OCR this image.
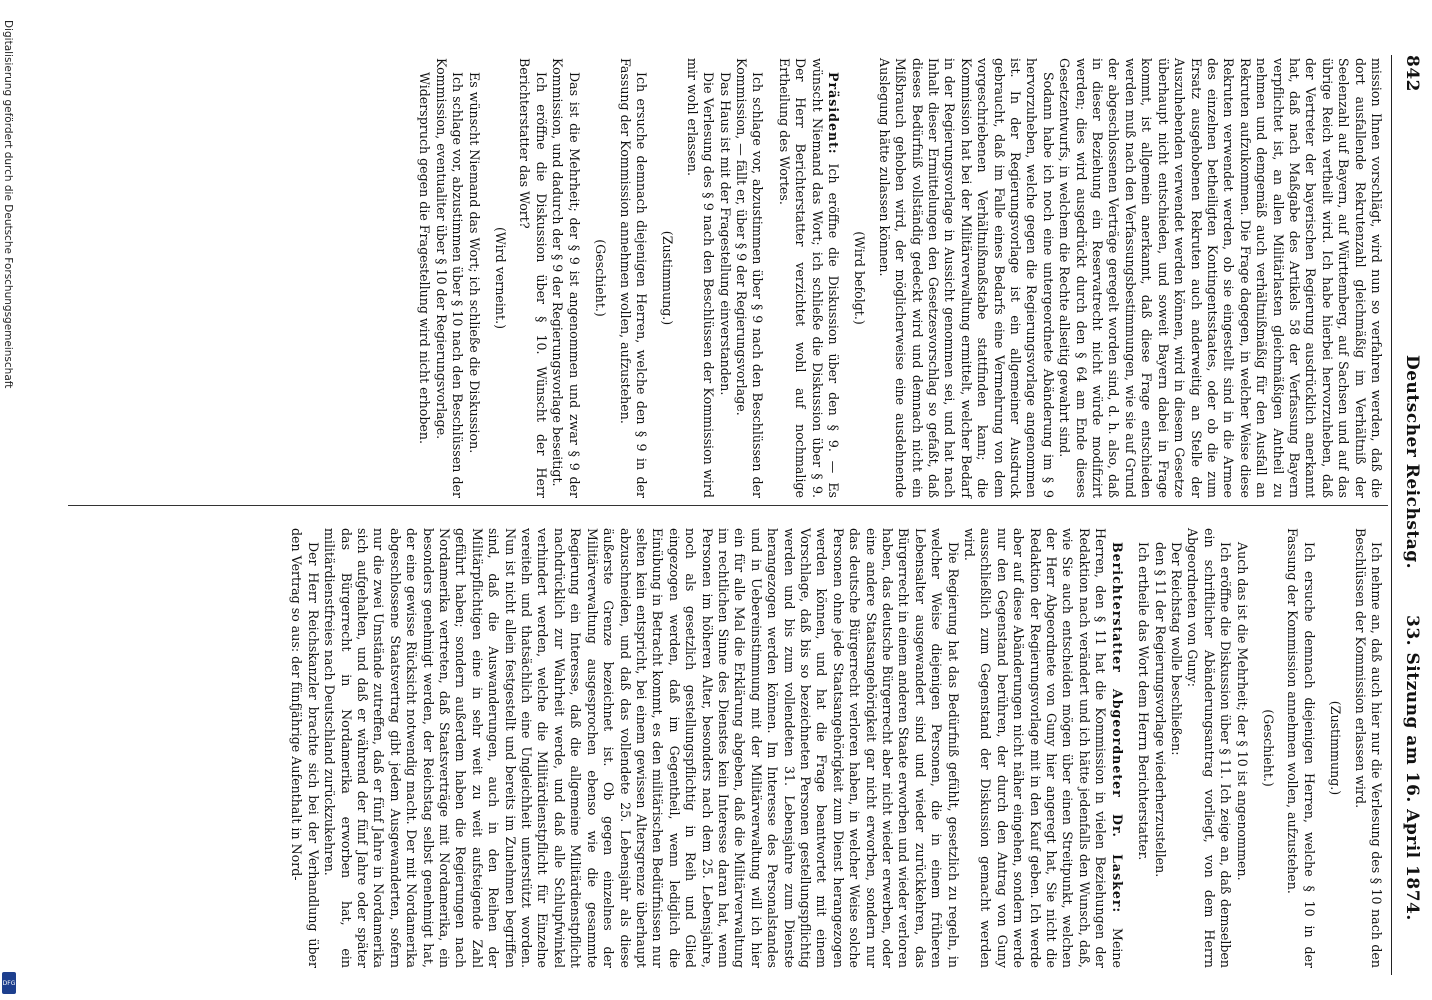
842
Deutscher Reichstag.
33. Sitzung am 16. April 1874.

mission Ihnen vorschlägt, wird nun so verfahren werden, daß die dort ausfallende Rekrutenzahl gleichmäßig im Verhältniß der Seelenzahl auf Bayern, auf Württemberg, auf Sachsen und auf das übrige Reich vertheilt wird. Ich habe hierbei hervorzuheben, daß der Vertreter der bayerischen Regierung ausdrücklich anerkannt hat, daß nach Maßgabe des Artikels 58 der Verfassung Bayern verpflichtet ist, an allen Militärlasten gleichmäßigen Antheil zu nehmen und demgemäß auch verhältnißmäßig für den Ausfall an Rekruten aufzukommen. Die Frage dagegen, in welcher Weise diese Rekruten verwendet werden, ob sie eingestellt sind in die Armee des einzelnen betheiligten Kontingentsstaates, oder ob die zum Ersatz ausgehobenen Rekruten auch anderweitig an Stelle der Auszuhebenden verwendet werden können, wird in diesem Gesetze überhaupt nicht entschieden, und soweit Bayern dabei in Frage kommt, ist allgemein anerkannt, daß diese Frage entschieden werden muß nach den Verfassungsbestimmungen, wie sie auf Grund der abgeschlossenen Verträge geregelt worden sind, d. h. also, daß in dieser Beziehung ein Reservatrecht nicht würde modifizirt werden; dies wird ausgedrückt durch den § 64 am Ende dieses Gesetzentwurfs, in welchem die Rechte allseitig gewahrt sind.

Sodann habe ich noch eine untergeordnete Abänderung im § 9 hervorzuheben, welche gegen die Regierungsvorlage angenommen ist. In der Regierungsvorlage ist ein allgemeiner Ausdruck gebraucht, daß im Falle eines Bedarfs eine Vermehrung von dem vorgeschriebenen Verhältnißmaßstabe stattfinden kann; die Kommission hat bei der Militärverwaltung ermittelt, welcher Bedarf in der Regierungsvorlage in Aussicht genommen sei, und hat nach Inhalt dieser Ermittelungen den Gesetzesvorschlag so gefaßt, daß dieses Bedürfniß vollständig gedeckt wird und demnach nicht ein Mißbrauch gehoben wird, der möglicherweise eine ausdehnende Auslegung hätte zulassen können.

(Wird befolgt.)

Präsident: Ich eröffne die Diskussion über den § 9. — Es wünscht Niemand das Wort; ich schließe die Diskussion über § 9. Der Herr Berichterstatter verzichtet wohl auf nochmalige Ertheilung des Wortes.

Ich schlage vor, abzustimmen über § 9 nach den Beschlüssen der Kommission, — fällt er, über § 9 der Regierungsvorlage.

Das Haus ist mit der Fragestellung einverstanden.

Die Verlesung des § 9 nach den Beschlüssen der Kommission wird mir wohl erlassen.

(Zustimmung.)

Ich ersuche demnach diejenigen Herren, welche den § 9 in der Fassung der Kommission annehmen wollen, aufzustehen.

(Geschieht.)

Das ist die Mehrheit; der § 9 ist angenommen und zwar § 9 der Kommission, und dadurch der § 9 der Regierungsvorlage beseitigt.

Ich eröffne die Diskussion über § 10. Wünscht der Herr Berichterstatter das Wort?

(Wird verneint.)

Es wünscht Niemand das Wort; ich schließe die Diskussion.

Ich schlage vor, abzustimmen über § 10 nach den Beschlüssen der Kommission, eventualiter über § 10 der Regierungsvorlage.

Widerspruch gegen die Fragestellung wird nicht erhoben.

Ich nehme an, daß auch hier nur die Verlesung des § 10 nach den Beschlüssen der Kommission erlassen wird.

(Zustimmung.)

Ich ersuche demnach diejenigen Herren, welche § 10 in der Fassung der Kommission annehmen wollen, aufzustehen.

(Geschieht.)

Auch das ist die Mehrheit; der § 10 ist angenommen.

Ich eröffne die Diskussion über § 11. Ich zeige an, daß demselben ein schriftlicher Abänderungsantrag vorliegt, von dem Herrn Abgeordneten von Guny:

Der Reichstag wolle beschließen:

den § 11 der Regierungsvorlage wiederherzustellen.

Ich ertheile das Wort dem Herrn Berichterstatter.

Berichterstatter Abgeordneter Dr. Lasker: Meine Herren, den § 11 hat die Kommission in vielen Beziehungen der Redaktion nach verändert und ich hätte jedenfalls den Wunsch, daß, wie Sie auch entscheiden mögen über einen Streitpunkt, welchen der Herr Abgeordnete von Guny hier angeregt hat, Sie nicht die Redaktion der Regierungsvorlage mit in den Kauf geben. Ich werde aber auf diese Abänderungen nicht näher eingehen, sondern werde nur den Gegenstand berühren, der durch den Antrag von Guny ausschließlich zum Gegenstand der Diskussion gemacht werden wird.

Die Regierung hat das Bedürfniß gefühlt, gesetzlich zu regeln, in welcher Weise diejenigen Personen, die in einem früheren Lebensalter ausgewandert sind und wieder zurückkehren, das Bürgerrecht in einem anderen Staate erworben und wieder verloren haben, das deutsche Bürgerrecht aber nicht wieder erwerben, oder eine andere Staatsangehörigkeit gar nicht erworben, sondern nur das deutsche Bürgerrecht verloren haben, in welcher Weise solche Personen ohne jede Staatsangehörigkeit zum Dienst herangezogen werden können, und hat die Frage beantwortet mit einem Vorschlage, daß bis so bezeichneten Personen gestellungspflichtig werden und bis zum vollendeten 31. Lebensjahre zum Dienste herangezogen werden können. Im Interesse des Personalstandes und in Uebereinstimmung mit der Militärverwaltung will ich hier ein für alle Mal die Erklärung abgeben, daß die Militärverwaltung im rechtlichen Sinne des Dienstes kein Interesse daran hat, wenn Personen im höheren Alter, besonders nach dem 25. Lebensjahre, noch als gesetzlich gestellungspflichtig in Reih und Glied eingezogen werden, daß im Gegentheil, wenn lediglich die Einübung in Betracht kommt, es den militärischen Bedürfnissen nur selten kein entspricht, bei einem gewissen Altersgrenze überhaupt abzuschneiden, und daß das vollendete 25. Lebensjahr als diese äußerste Grenze bezeichnet ist. Ob gegen einzelnes der Militärverwaltung ausgesprochen ebenso wie die gesammte Regierung ein Interesse, daß die allgemeine Militärdienstpflicht nachdrücklich zur Wahrheit werde, und daß alle Schlupfwinkel verhindert werden, welche die Militärdienstpflicht für Einzelne vereiteln und thatsächlich eine Ungleichheit unterstützt worden. Nun ist nicht allein festgestellt und bereits im Zunehmen begriffen sind, daß die Auswanderungen, auch in den Reihen der Militärpflichtigen eine in sehr weit zu weit aufsteigende Zahl geführt haben; sondern außerdem haben die Regierungen nach Nordamerika vertreten, daß Staatsverträge mit Nordamerika, ein besonders genehmigt werden, der Reichstag selbst genehmigt hat, der eine gewisse Rücksicht notwendig macht. Der mit Nordamerika abgeschlossene Staatsvertrag gibt jedem Ausgewanderten, sofern nur die zwei Umstände zutreffen, daß er fünf Jahre in Nordamerika sich aufgehalten, und daß er während der fünf Jahre oder später das Bürgerrecht in Nordamerika erworben hat, ein militärdienstfreies nach Deutschland zurückzukehren.

Der Herr Reichskanzler brachte sich bei der Verhandlung über den Vertrag so aus: der fünfjährige Aufenthalt in Nord-

Digitalisierung gefördert durch die Deutsche Forschungsgemeinschaft
DFG
